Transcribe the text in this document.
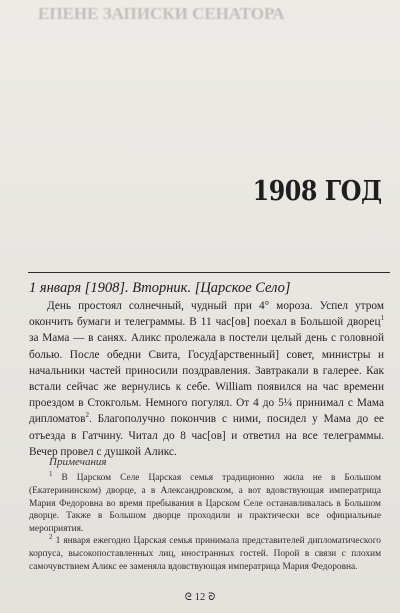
ЕПЕНЕ ЗАПИСКИ СЕНАТОРА
1908 ГОД
1 января [1908]. Вторник. [Царское Село]

День простоял солнечный, чудный при 4° мороза. Успел утром окончить бумаги и телеграммы. В 11 час[ов] поехал в Большой дворец$^1$ за Мама — в санях. Аликс пролежала в постели целый день с головной болью. После обедни Свита, Госуд[арственный] совет, министры и начальники частей приносили поздравления. Завтракали в галерее. Как встали сейчас же вернулись к себе. William появился на час времени проездом в Стокгольм. Немного погулял. От 4 до 5¼ принимал с Мама дипломатов$^2$. Благополучно покончив с ними, посидел у Мама до ее отъезда в Гатчину. Читал до 8 час[ов] и ответил на все телеграммы. Вечер провел с душкой Аликс.

Примечания

$^1$ В Царском Селе Царская семья традиционно жила не в Большом (Екатерининском) дворце, а в Александровском, а вот вдовствующая императрица Мария Федоровна во время пребывания в Царском Селе останавливалась в Большом дворце. Также в Большом дворце проходили и практически все официальные мероприятия.

$^2$ 1 января ежегодно Царская семья принимала представителей дипломатического корпуса, высокопоставленных лиц, иностранных гостей. Порой в связи с плохим самочувствием Аликс ее заменяла вдовствующая императрица Мария Федоровна.

ᘓ 12 ᘐ
